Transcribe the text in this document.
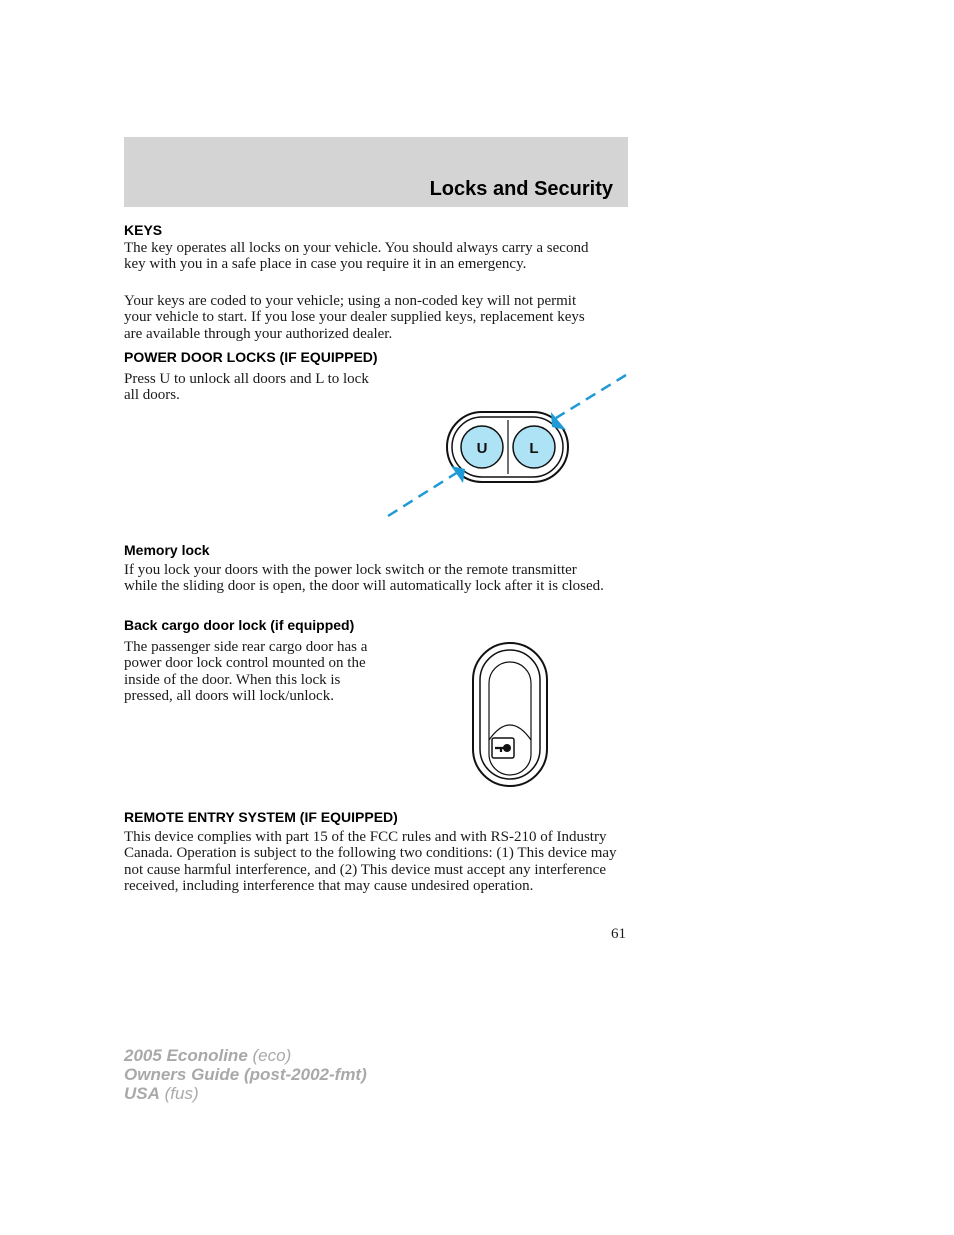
Locks and Security
KEYS
The key operates all locks on your vehicle. You should always carry a second key with you in a safe place in case you require it in an emergency.
Your keys are coded to your vehicle; using a non-coded key will not permit your vehicle to start. If you lose your dealer supplied keys, replacement keys are available through your authorized dealer.
POWER DOOR LOCKS (IF EQUIPPED)
Press U to unlock all doors and L to lock all doors.
U	L
Memory lock
If you lock your doors with the power lock switch or the remote transmitter while the sliding door is open, the door will automatically lock after it is closed.
Back cargo door lock (if equipped)
The passenger side rear cargo door has a power door lock control mounted on the inside of the door. When this lock is pressed, all doors will lock/unlock.
REMOTE ENTRY SYSTEM (IF EQUIPPED)
This device complies with part 15 of the FCC rules and with RS-210 of Industry Canada. Operation is subject to the following two conditions: (1) This device may not cause harmful interference, and (2) This device must accept any interference received, including interference that may cause undesired operation.
61
2005 Econoline (eco)
Owners Guide (post-2002-fmt)
USA (fus)
